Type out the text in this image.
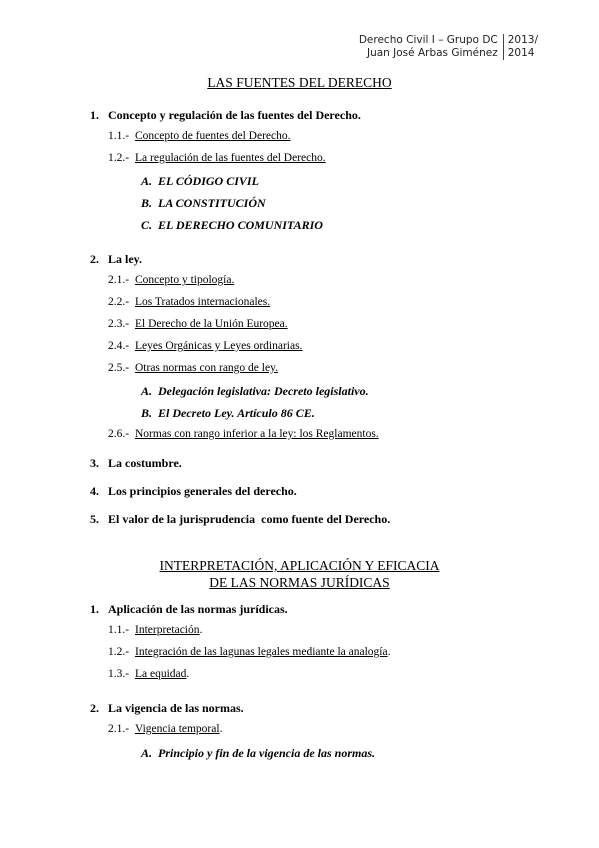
Derecho Civil I – Grupo DC
Juan José Arbas Giménez
2013/
2014
LAS FUENTES DEL DERECHO
1. Concepto y regulación de las fuentes del Derecho.
1.1.- Concepto de fuentes del Derecho.
1.2.- La regulación de las fuentes del Derecho.
A. EL CÓDIGO CIVIL
B. LA CONSTITUCIÓN
C. EL DERECHO COMUNITARIO
2. La ley.
2.1.- Concepto y tipología.
2.2.- Los Tratados internacionales.
2.3.- El Derecho de la Unión Europea.
2.4.- Leyes Orgánicas y Leyes ordinarias.
2.5.- Otras normas con rango de ley.
A. Delegación legislativa: Decreto legislativo.
B. El Decreto Ley. Artículo 86 CE.
2.6.- Normas con rango inferior a la ley: los Reglamentos.
3. La costumbre.
4. Los principios generales del derecho.
5. El valor de la jurisprudencia  como fuente del Derecho.
INTERPRETACIÓN, APLICACIÓN Y EFICACIA
DE LAS NORMAS JURÍDICAS
1. Aplicación de las normas jurídicas.
1.1.- Interpretación.
1.2.- Integración de las lagunas legales mediante la analogía.
1.3.- La equidad.
2. La vigencia de las normas.
2.1.- Vigencia temporal.
A. Principio y fin de la vigencia de las normas.
